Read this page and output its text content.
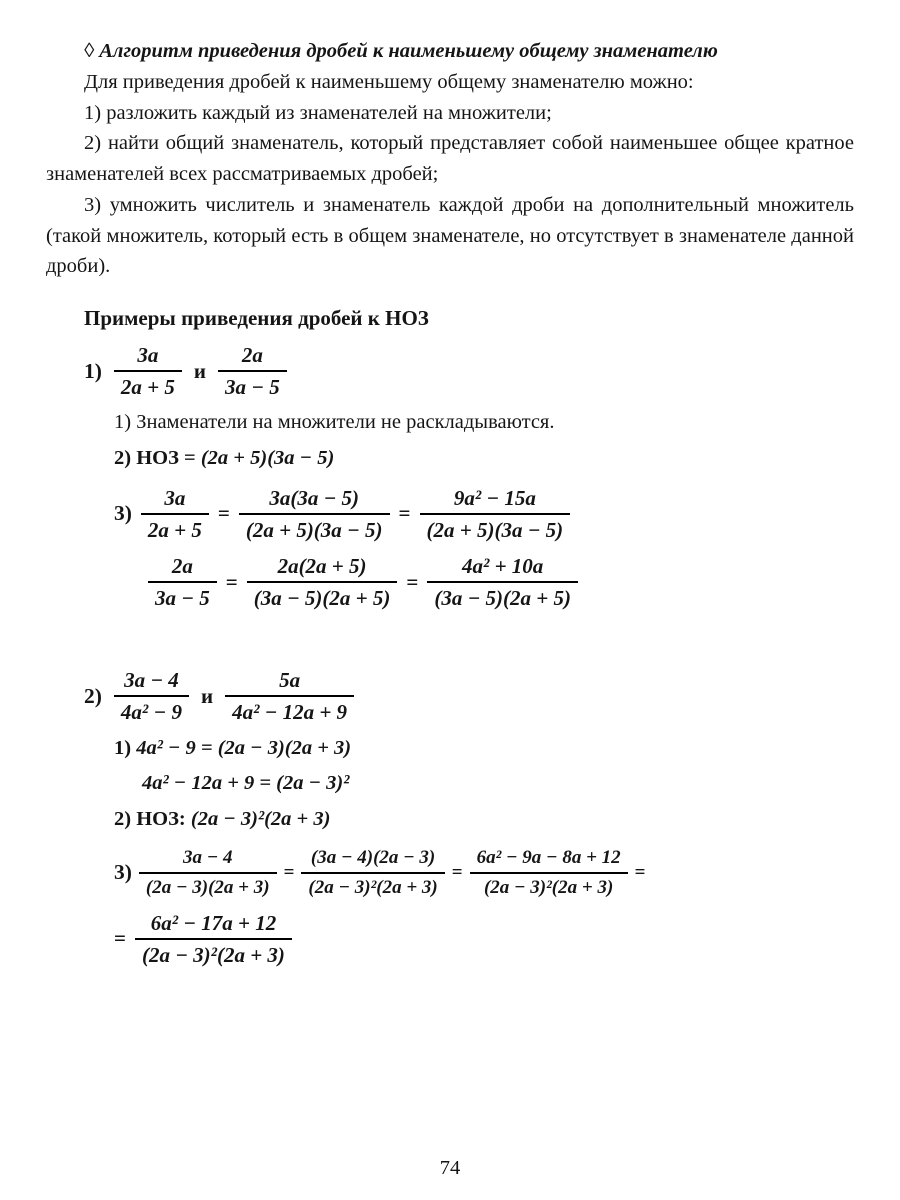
◊ Алгоритм приведения дробей к наименьшему общему знаменателю

Для приведения дробей к наименьшему общему знаменателю можно:

1) разложить каждый из знаменателей на множители;

2) найти общий знаменатель, который представляет собой наименьшее общее кратное знаменателей всех рассматриваемых дробей;

3) умножить числитель и знаменатель каждой дроби на дополнительный множитель (такой множитель, который есть в общем знаменателе, но отсутствует в знаменателе данной дроби).

Примеры приведения дробей к НОЗ
$1) \frac{3a}{2a + 5}$ и $\frac{2a}{3a - 5}$

1) Знаменатели на множители не раскладываются.

2) НОЗ = (2a + 5)(3a − 5)

$3) \frac{3a}{2a + 5} = \frac{3a(3a - 5)}{(2a + 5)(3a - 5)} = \frac{\text{9a² − 15a}}{(2a + 5)(3a - 5)}$
$\frac{2a}{3a - 5} = \frac{2a(2a + 5)}{(3a - 5)(2a + 5)} = \frac{\text{4a² + 10a}}{(3a - 5)(2a + 5)}$
$2) \frac{3a - 4}{\text{4a² − 9}}$ и $\frac{5a}{\text{4a² − 12a + 9}}$

1) 4a² − 9 = (2a − 3)(2a + 3)

4a² − 12a + 9 = (2a − 3)²

2) НОЗ: (2a − 3)²(2a + 3)

$3) \frac{3a - 4}{(2a - 3)(2a + 3)} = \frac{(3a - 4)(2a - 3)}{\text{(2a − 3)²(2a + 3)}} = \frac{\text{6a² − 9a − 8a + 12}}{\text{(2a − 3)²(2a + 3)}}$ =
= $\frac{\text{6a² − 17a + 12}}{\text{(2a − 3)²(2a + 3)}}$
74
